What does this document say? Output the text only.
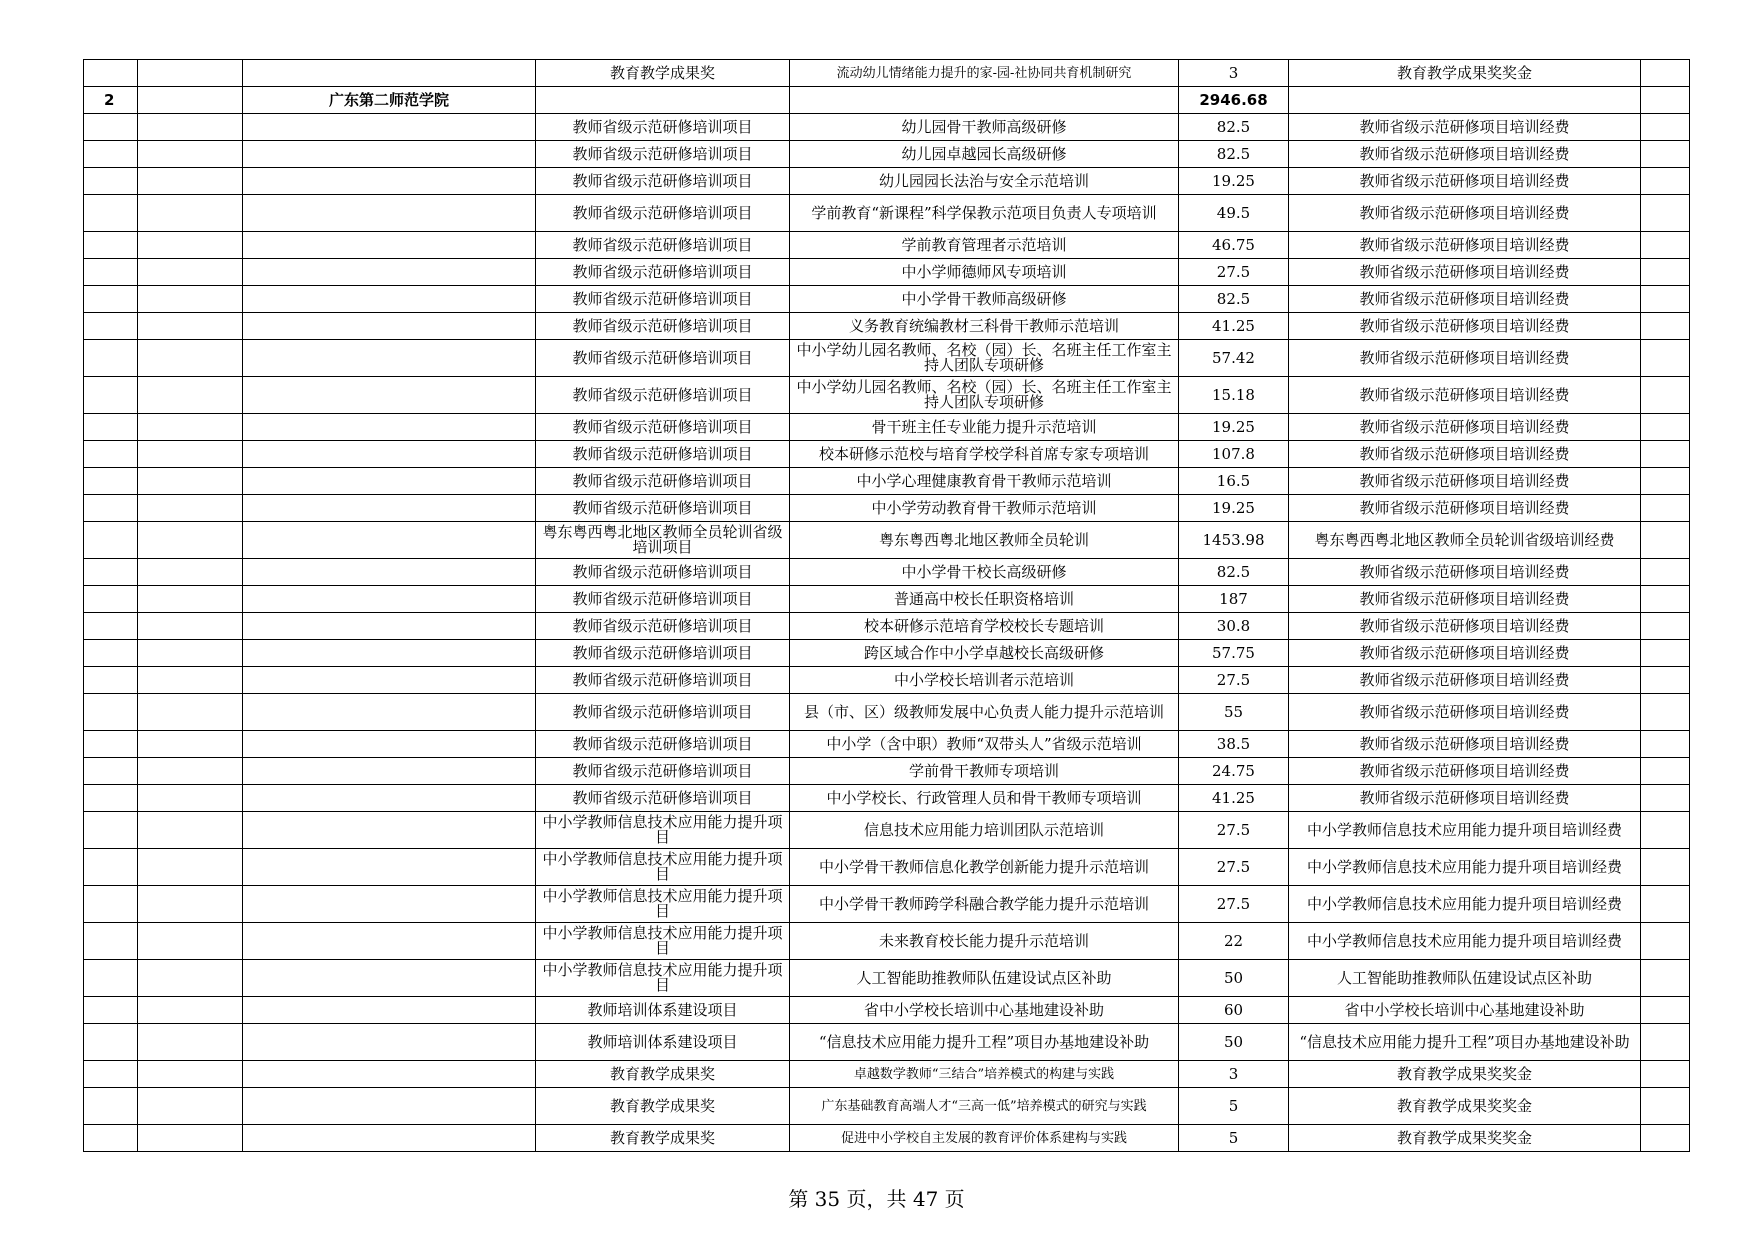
			教育教学成果奖	流动幼儿情绪能力提升的家-园-社协同共育机制研究	3	教育教学成果奖奖金	
2		广东第二师范学院			2946.68		
			教师省级示范研修培训项目	幼儿园骨干教师高级研修	82.5	教师省级示范研修项目培训经费	
			教师省级示范研修培训项目	幼儿园卓越园长高级研修	82.5	教师省级示范研修项目培训经费	
			教师省级示范研修培训项目	幼儿园园长法治与安全示范培训	19.25	教师省级示范研修项目培训经费	
			教师省级示范研修培训项目	学前教育“新课程”科学保教示范项目负责人专项培训	49.5	教师省级示范研修项目培训经费	
			教师省级示范研修培训项目	学前教育管理者示范培训	46.75	教师省级示范研修项目培训经费	
			教师省级示范研修培训项目	中小学师德师风专项培训	27.5	教师省级示范研修项目培训经费	
			教师省级示范研修培训项目	中小学骨干教师高级研修	82.5	教师省级示范研修项目培训经费	
			教师省级示范研修培训项目	义务教育统编教材三科骨干教师示范培训	41.25	教师省级示范研修项目培训经费	
			教师省级示范研修培训项目	中小学幼儿园名教师、名校（园）长、名班主任工作室主持人团队专项研修	57.42	教师省级示范研修项目培训经费	
			教师省级示范研修培训项目	中小学幼儿园名教师、名校（园）长、名班主任工作室主持人团队专项研修	15.18	教师省级示范研修项目培训经费	
			教师省级示范研修培训项目	骨干班主任专业能力提升示范培训	19.25	教师省级示范研修项目培训经费	
			教师省级示范研修培训项目	校本研修示范校与培育学校学科首席专家专项培训	107.8	教师省级示范研修项目培训经费	
			教师省级示范研修培训项目	中小学心理健康教育骨干教师示范培训	16.5	教师省级示范研修项目培训经费	
			教师省级示范研修培训项目	中小学劳动教育骨干教师示范培训	19.25	教师省级示范研修项目培训经费	
			粤东粤西粤北地区教师全员轮训省级培训项目	粤东粤西粤北地区教师全员轮训	1453.98	粤东粤西粤北地区教师全员轮训省级培训经费	
			教师省级示范研修培训项目	中小学骨干校长高级研修	82.5	教师省级示范研修项目培训经费	
			教师省级示范研修培训项目	普通高中校长任职资格培训	187	教师省级示范研修项目培训经费	
			教师省级示范研修培训项目	校本研修示范培育学校校长专题培训	30.8	教师省级示范研修项目培训经费	
			教师省级示范研修培训项目	跨区域合作中小学卓越校长高级研修	57.75	教师省级示范研修项目培训经费	
			教师省级示范研修培训项目	中小学校长培训者示范培训	27.5	教师省级示范研修项目培训经费	
			教师省级示范研修培训项目	县（市、区）级教师发展中心负责人能力提升示范培训	55	教师省级示范研修项目培训经费	
			教师省级示范研修培训项目	中小学（含中职）教师“双带头人”省级示范培训	38.5	教师省级示范研修项目培训经费	
			教师省级示范研修培训项目	学前骨干教师专项培训	24.75	教师省级示范研修项目培训经费	
			教师省级示范研修培训项目	中小学校长、行政管理人员和骨干教师专项培训	41.25	教师省级示范研修项目培训经费	
			中小学教师信息技术应用能力提升项目	信息技术应用能力培训团队示范培训	27.5	中小学教师信息技术应用能力提升项目培训经费	
			中小学教师信息技术应用能力提升项目	中小学骨干教师信息化教学创新能力提升示范培训	27.5	中小学教师信息技术应用能力提升项目培训经费	
			中小学教师信息技术应用能力提升项目	中小学骨干教师跨学科融合教学能力提升示范培训	27.5	中小学教师信息技术应用能力提升项目培训经费	
			中小学教师信息技术应用能力提升项目	未来教育校长能力提升示范培训	22	中小学教师信息技术应用能力提升项目培训经费	
			中小学教师信息技术应用能力提升项目	人工智能助推教师队伍建设试点区补助	50	人工智能助推教师队伍建设试点区补助	
			教师培训体系建设项目	省中小学校长培训中心基地建设补助	60	省中小学校长培训中心基地建设补助	
			教师培训体系建设项目	“信息技术应用能力提升工程”项目办基地建设补助	50	“信息技术应用能力提升工程”项目办基地建设补助	
			教育教学成果奖	卓越数学教师“三结合”培养模式的构建与实践	3	教育教学成果奖奖金	
			教育教学成果奖	广东基础教育高端人才“三高一低”培养模式的研究与实践	5	教育教学成果奖奖金	
			教育教学成果奖	促进中小学校自主发展的教育评价体系建构与实践	5	教育教学成果奖奖金	
第 35 页，共 47 页
